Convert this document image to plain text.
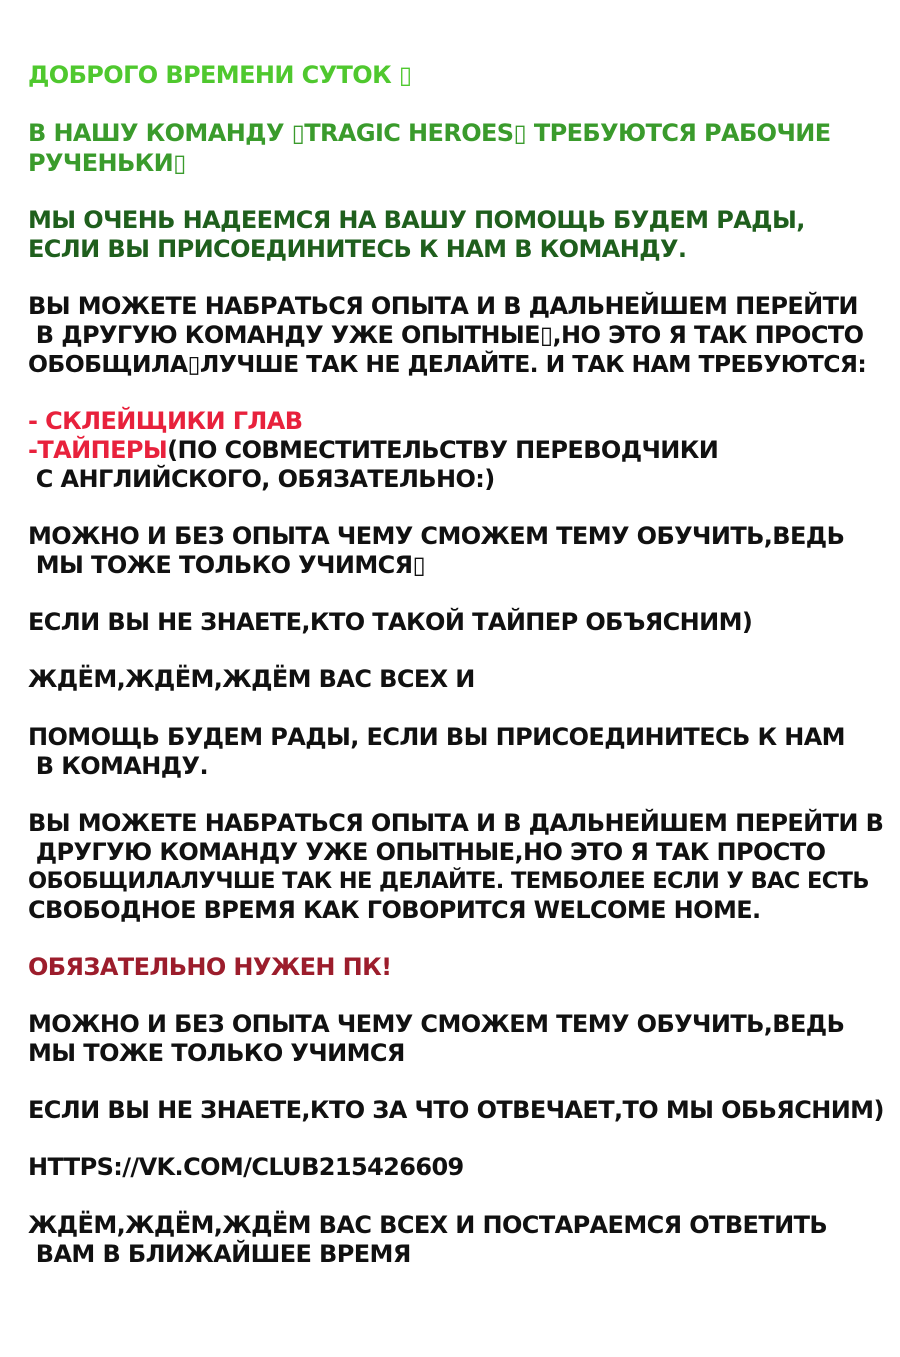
ДОБРОГО ВРЕМЕНИ СУТОК ▯
В НАШУ КОМАНДУ ▯TRAGIC HEROES▯ ТРЕБУЮТСЯ РАБОЧИЕ
РУЧЕНЬКИ▯
МЫ ОЧЕНЬ НАДЕЕМСЯ НА ВАШУ ПОМОЩЬ БУДЕМ РАДЫ,
ЕСЛИ ВЫ ПРИСОЕДИНИТЕСЬ К НАМ В КОМАНДУ.
ВЫ МОЖЕТЕ НАБРАТЬСЯ ОПЫТА И В ДАЛЬНЕЙШЕМ ПЕРЕЙТИ
В ДРУГУЮ КОМАНДУ УЖЕ ОПЫТНЫЕ▯,НО ЭТО Я ТАК ПРОСТО
ОБОБЩИЛА▯ЛУЧШЕ ТАК НЕ ДЕЛАЙТЕ. И ТАК НАМ ТРЕБУЮТСЯ:
- СКЛЕЙЩИКИ ГЛАВ
-ТАЙПЕРЫ(ПО СОВМЕСТИТЕЛЬСТВУ ПЕРЕВОДЧИКИ
С АНГЛИЙСКОГО, ОБЯЗАТЕЛЬНО:)
МОЖНО И БЕЗ ОПЫТА ЧЕМУ СМОЖЕМ ТЕМУ ОБУЧИТЬ,ВЕДЬ
МЫ ТОЖЕ ТОЛЬКО УЧИМСЯ▯
ЕСЛИ ВЫ НЕ ЗНАЕТЕ,КТО ТАКОЙ ТАЙПЕР ОБЪЯСНИМ)
ЖДЁМ,ЖДЁМ,ЖДЁМ ВАС ВСЕХ И
ПОМОЩЬ БУДЕМ РАДЫ, ЕСЛИ ВЫ ПРИСОЕДИНИТЕСЬ К НАМ
В КОМАНДУ.
ВЫ МОЖЕТЕ НАБРАТЬСЯ ОПЫТА И В ДАЛЬНЕЙШЕМ ПЕРЕЙТИ В
ДРУГУЮ КОМАНДУ УЖЕ ОПЫТНЫЕ,НО ЭТО Я ТАК ПРОСТО
ОБОБЩИЛАЛУЧШЕ ТАК НЕ ДЕЛАЙТЕ. ТЕМБОЛЕЕ ЕСЛИ У ВАС ЕСТЬ
СВОБОДНОЕ ВРЕМЯ КАК ГОВОРИТСЯ WELCOME HOME.
ОБЯЗАТЕЛЬНО НУЖЕН ПК!
МОЖНО И БЕЗ ОПЫТА ЧЕМУ СМОЖЕМ ТЕМУ ОБУЧИТЬ,ВЕДЬ
МЫ ТОЖЕ ТОЛЬКО УЧИМСЯ
ЕСЛИ ВЫ НЕ ЗНАЕТЕ,КТО ЗА ЧТО ОТВЕЧАЕТ,ТО МЫ ОБЬЯСНИМ)
HTTPS://VK.COM/CLUB215426609
ЖДЁМ,ЖДЁМ,ЖДЁМ ВАС ВСЕХ И ПОСТАРАЕМСЯ ОТВЕТИТЬ
ВАМ В БЛИЖАЙШЕЕ ВРЕМЯ
